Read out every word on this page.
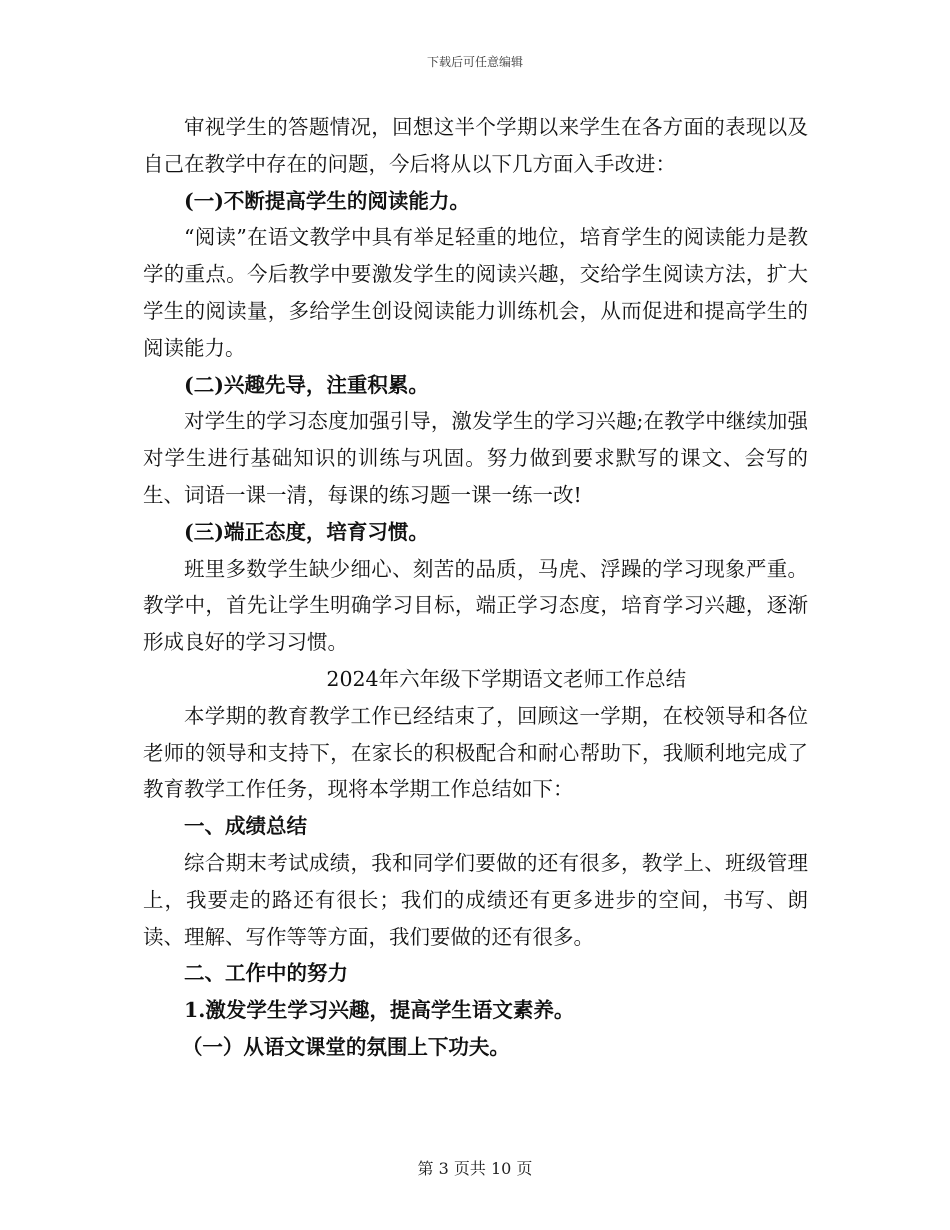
下载后可任意编辑

审视学生的答题情况，回想这半个学期以来学生在各方面的表现以及自己在教学中存在的问题，今后将从以下几方面入手改进：

(一)不断提高学生的阅读能力。

“阅读”在语文教学中具有举足轻重的地位，培育学生的阅读能力是教学的重点。今后教学中要激发学生的阅读兴趣，交给学生阅读方法，扩大学生的阅读量，多给学生创设阅读能力训练机会，从而促进和提高学生的阅读能力。

(二)兴趣先导，注重积累。

对学生的学习态度加强引导，激发学生的学习兴趣;在教学中继续加强对学生进行基础知识的训练与巩固。努力做到要求默写的课文、会写的生、词语一课一清，每课的练习题一课一练一改!

(三)端正态度，培育习惯。

班里多数学生缺少细心、刻苦的品质，马虎、浮躁的学习现象严重。教学中，首先让学生明确学习目标，端正学习态度，培育学习兴趣，逐渐形成良好的学习习惯。

2024年六年级下学期语文老师工作总结

本学期的教育教学工作已经结束了，回顾这一学期，在校领导和各位老师的领导和支持下，在家长的积极配合和耐心帮助下，我顺利地完成了教育教学工作任务，现将本学期工作总结如下：

一、成绩总结

综合期末考试成绩，我和同学们要做的还有很多，教学上、班级管理上，我要走的路还有很长；我们的成绩还有更多进步的空间，书写、朗读、理解、写作等等方面，我们要做的还有很多。

二、工作中的努力

1.激发学生学习兴趣，提高学生语文素养。

（一）从语文课堂的氛围上下功夫。

第 3 页共 10 页
